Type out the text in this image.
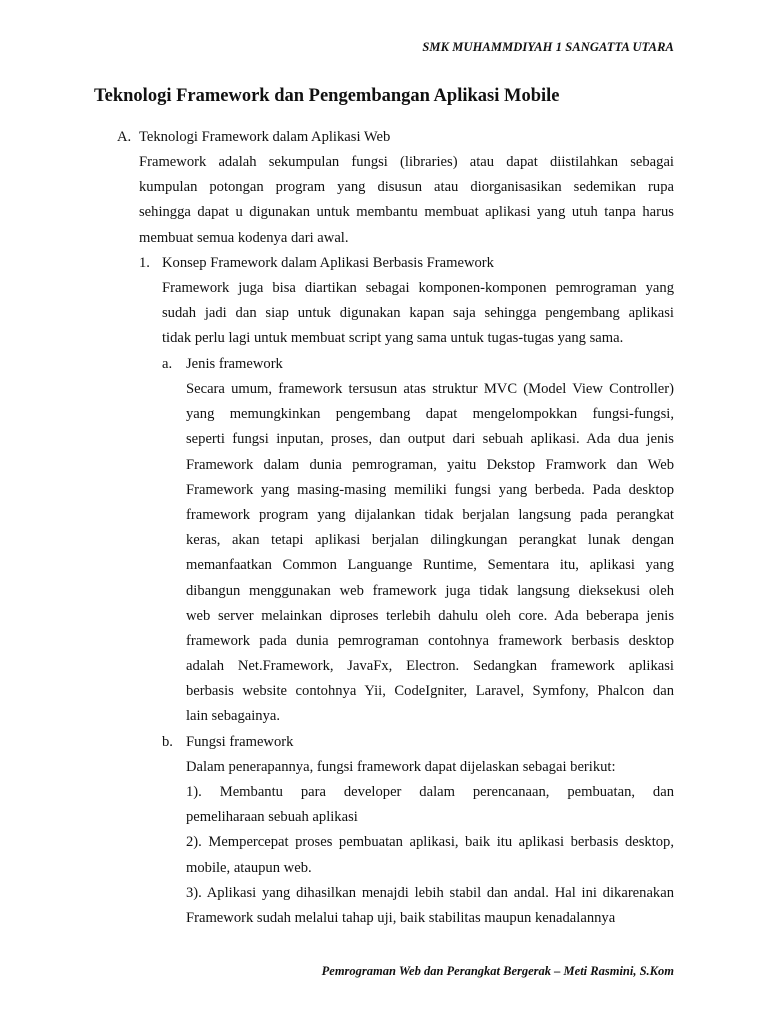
SMK MUHAMMDIYAH 1 SANGATTA UTARA
Teknologi Framework dan Pengembangan Aplikasi Mobile
A. Teknologi Framework dalam Aplikasi Web
Framework adalah sekumpulan fungsi (libraries) atau dapat diistilahkan sebagai
kumpulan potongan program yang disusun atau diorganisasikan sedemikan rupa
sehingga dapat u digunakan untuk membantu membuat aplikasi yang utuh tanpa harus
membuat semua kodenya dari awal.
1. Konsep Framework dalam Aplikasi Berbasis Framework
Framework juga bisa diartikan sebagai komponen-komponen pemrograman yang
sudah jadi dan siap untuk digunakan kapan saja sehingga pengembang aplikasi
tidak perlu lagi untuk membuat script yang sama untuk tugas-tugas yang sama.
a. Jenis framework
Secara umum, framework tersusun atas struktur MVC (Model View Controller)
yang memungkinkan pengembang dapat mengelompokkan fungsi-fungsi,
seperti fungsi inputan, proses, dan output dari sebuah aplikasi. Ada dua jenis
Framework dalam dunia pemrograman, yaitu Dekstop Framwork dan Web
Framework yang masing-masing memiliki fungsi yang berbeda. Pada desktop
framework program yang dijalankan tidak berjalan langsung pada perangkat
keras, akan tetapi aplikasi berjalan dilingkungan perangkat lunak dengan
memanfaatkan Common Languange Runtime, Sementara itu, aplikasi yang
dibangun menggunakan web framework juga tidak langsung dieksekusi oleh
web server melainkan diproses terlebih dahulu oleh core. Ada beberapa jenis
framework pada dunia pemrograman contohnya framework berbasis desktop
adalah Net.Framework, JavaFx, Electron. Sedangkan framework aplikasi
berbasis website contohnya Yii, CodeIgniter, Laravel, Symfony, Phalcon dan
lain sebagainya.
b. Fungsi framework
Dalam penerapannya, fungsi framework dapat dijelaskan sebagai berikut:
1). Membantu para developer dalam perencanaan, pembuatan, dan
pemeliharaan sebuah aplikasi
2). Mempercepat proses pembuatan aplikasi, baik itu aplikasi berbasis desktop,
mobile, ataupun web.
3). Aplikasi yang dihasilkan menajdi lebih stabil dan andal. Hal ini dikarenakan
Framework sudah melalui tahap uji, baik stabilitas maupun kenadalannya
Pemrograman Web dan Perangkat Bergerak – Meti Rasmini, S.Kom
